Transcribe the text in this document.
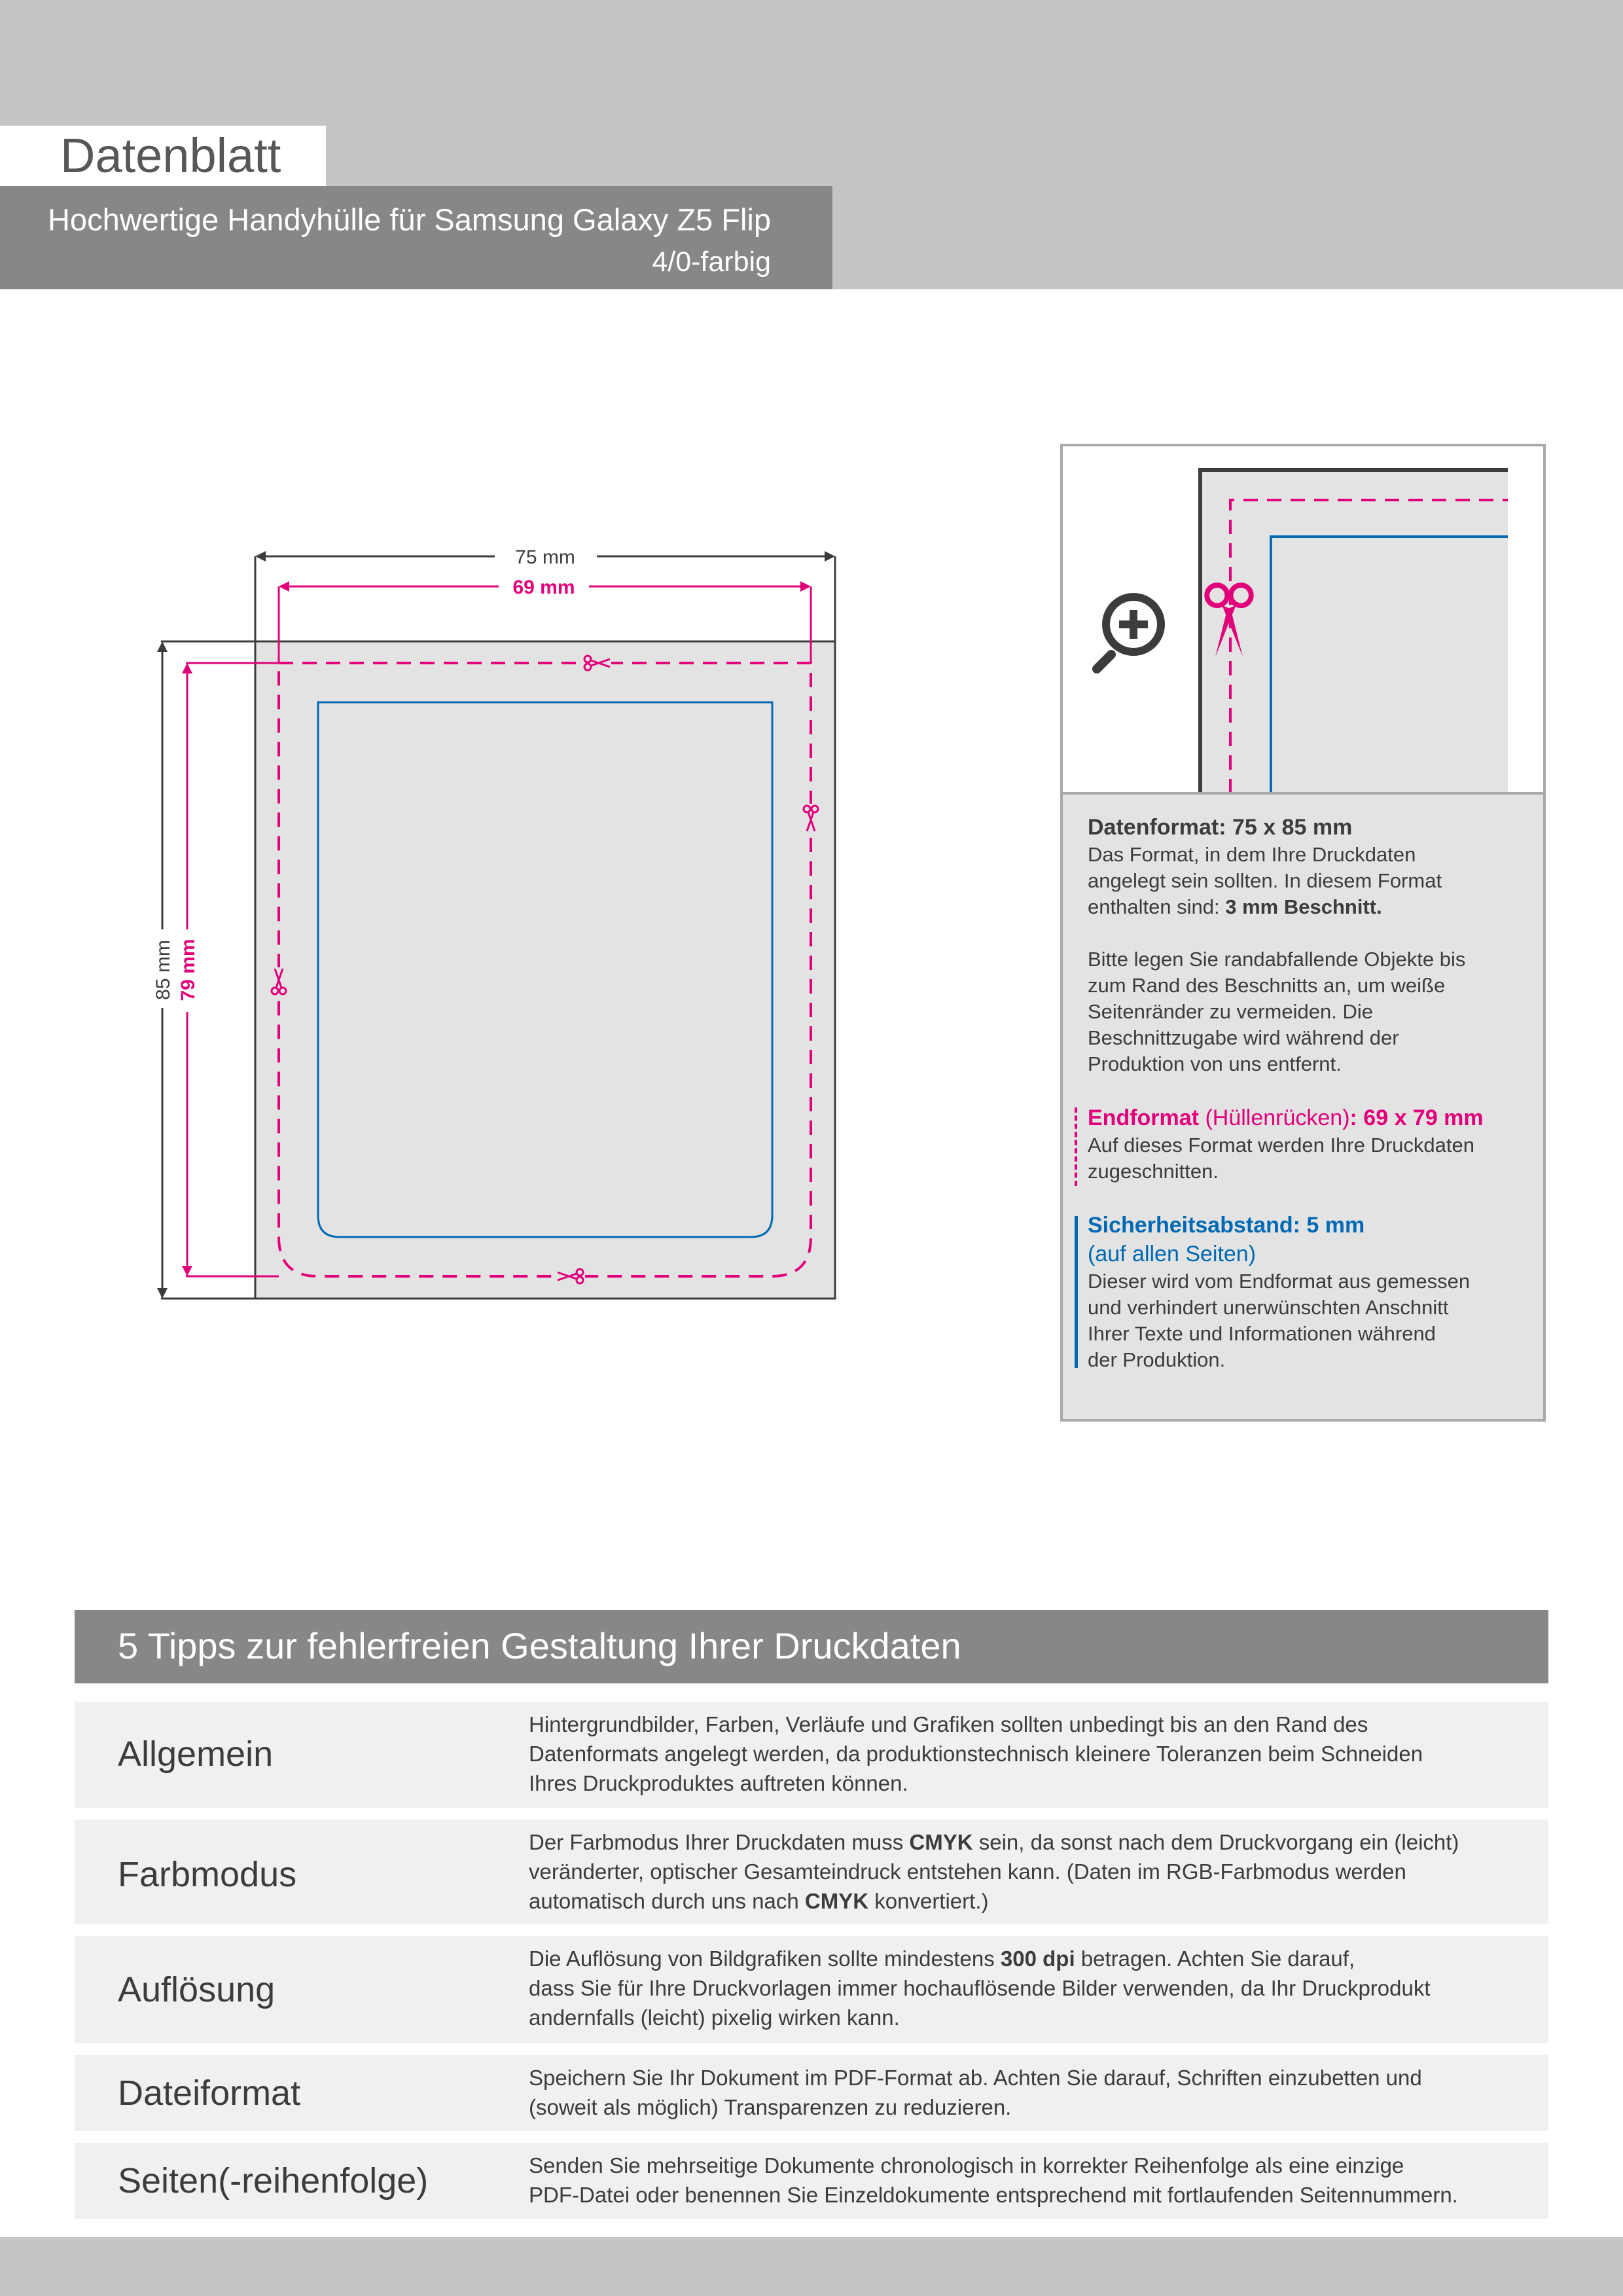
Datenblatt
Hochwertige Handyhülle für Samsung Galaxy Z5 Flip
4/0-farbig
75 mm
69 mm
85 mm 79 mm

Datenformat: 75 x 85 mm

Das Format, in dem Ihre Druckdaten

angelegt sein sollten. In diesem Format

enthalten sind: 3 mm Beschnitt.

Bitte legen Sie randabfallende Objekte bis

zum Rand des Beschnitts an, um weiße

Seitenränder zu vermeiden. Die

Beschnittzugabe wird während der

Produktion von uns entfernt.

Endformat (Hüllenrücken): 69 x 79 mm

Auf dieses Format werden Ihre Druckdaten

zugeschnitten.

Sicherheitsabstand: 5 mm

(auf allen Seiten)

Dieser wird vom Endformat aus gemessen

und verhindert unerwünschten Anschnitt

Ihrer Texte und Informationen während

der Produktion.

5 Tipps zur fehlerfreien Gestaltung Ihrer Druckdaten
Allgemein
Hintergrundbilder, Farben, Verläufe und Grafiken sollten unbedingt bis an den Rand des
Datenformats angelegt werden, da produktionstechnisch kleinere Toleranzen beim Schneiden
Ihres Druckproduktes auftreten können.
Farbmodus
Der Farbmodus Ihrer Druckdaten muss CMYK sein, da sonst nach dem Druckvorgang ein (leicht)
veränderter, optischer Gesamteindruck entstehen kann. (Daten im RGB-Farbmodus werden
automatisch durch uns nach CMYK konvertiert.)
Auflösung
Die Auflösung von Bildgrafiken sollte mindestens 300 dpi betragen. Achten Sie darauf,
dass Sie für Ihre Druckvorlagen immer hochauflösende Bilder verwenden, da Ihr Druckprodukt
andernfalls (leicht) pixelig wirken kann.
Dateiformat	Speichern Sie Ihr Dokument im PDF-Format ab. Achten Sie darauf, Schriften einzubetten und
(soweit als möglich) Transparenzen zu reduzieren.
Seiten(-reihenfolge)	Senden Sie mehrseitige Dokumente chronologisch in korrekter Reihenfolge als eine einzige
PDF-Datei oder benennen Sie Einzeldokumente entsprechend mit fortlaufenden Seitennummern.
